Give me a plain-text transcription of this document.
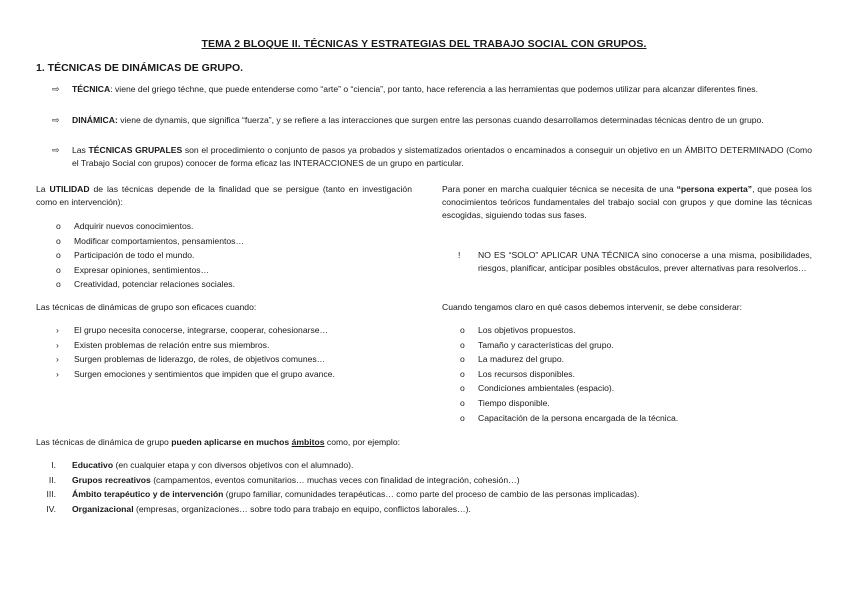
TEMA 2 BLOQUE II. TÉCNICAS Y ESTRATEGIAS DEL TRABAJO SOCIAL CON GRUPOS.
1. TÉCNICAS DE DINÁMICAS DE GRUPO.
⇨ TÉCNICA: viene del griego téchne, que puede entenderse como “arte” o “ciencia”, por tanto, hace referencia a las herramientas que podemos utilizar para alcanzar diferentes fines.
⇨ DINÁMICA: viene de dynamis, que significa “fuerza”, y se refiere a las interacciones que surgen entre las personas cuando desarrollamos determinadas técnicas dentro de un grupo.
⇨ Las TÉCNICAS GRUPALES son el procedimiento o conjunto de pasos ya probados y sistematizados orientados o encaminados a conseguir un objetivo en un ÁMBITO DETERMINADO (Como el Trabajo Social con grupos) conocer de forma eficaz las INTERACCIONES de un grupo en particular.
La UTILIDAD de las técnicas depende de la finalidad que se persigue (tanto en investigación como en intervención):
o Adquirir nuevos conocimientos.
o Modificar comportamientos, pensamientos…
o Participación de todo el mundo.
o Expresar opiniones, sentimientos…
o Creatividad, potenciar relaciones sociales.
Las técnicas de dinámicas de grupo son eficaces cuando:
› El grupo necesita conocerse, integrarse, cooperar, cohesionarse…
› Existen problemas de relación entre sus miembros.
› Surgen problemas de liderazgo, de roles, de objetivos comunes…
› Surgen emociones y sentimientos que impiden que el grupo avance.
Para poner en marcha cualquier técnica se necesita de una “persona experta”, que posea los conocimientos teóricos fundamentales del trabajo social con grupos y que domine las técnicas escogidas, siguiendo todas sus fases.
! NO ES “SOLO” APLICAR UNA TÉCNICA sino conocerse a una misma, posibilidades, riesgos, planificar, anticipar posibles obstáculos, prever alternativas para resolverlos…
Cuando tengamos claro en qué casos debemos intervenir, se debe considerar:
o Los objetivos propuestos.
o Tamaño y características del grupo.
o La madurez del grupo.
o Los recursos disponibles.
o Condiciones ambientales (espacio).
o Tiempo disponible.
o Capacitación de la persona encargada de la técnica.
Las técnicas de dinámica de grupo pueden aplicarse en muchos ámbitos como, por ejemplo:
I. Educativo (en cualquier etapa y con diversos objetivos con el alumnado).
II. Grupos recreativos (campamentos, eventos comunitarios… muchas veces con finalidad de integración, cohesión…)
III. Ámbito terapéutico y de intervención (grupo familiar, comunidades terapéuticas… como parte del proceso de cambio de las personas implicadas).
IV. Organizacional (empresas, organizaciones… sobre todo para trabajo en equipo, conflictos laborales…).
